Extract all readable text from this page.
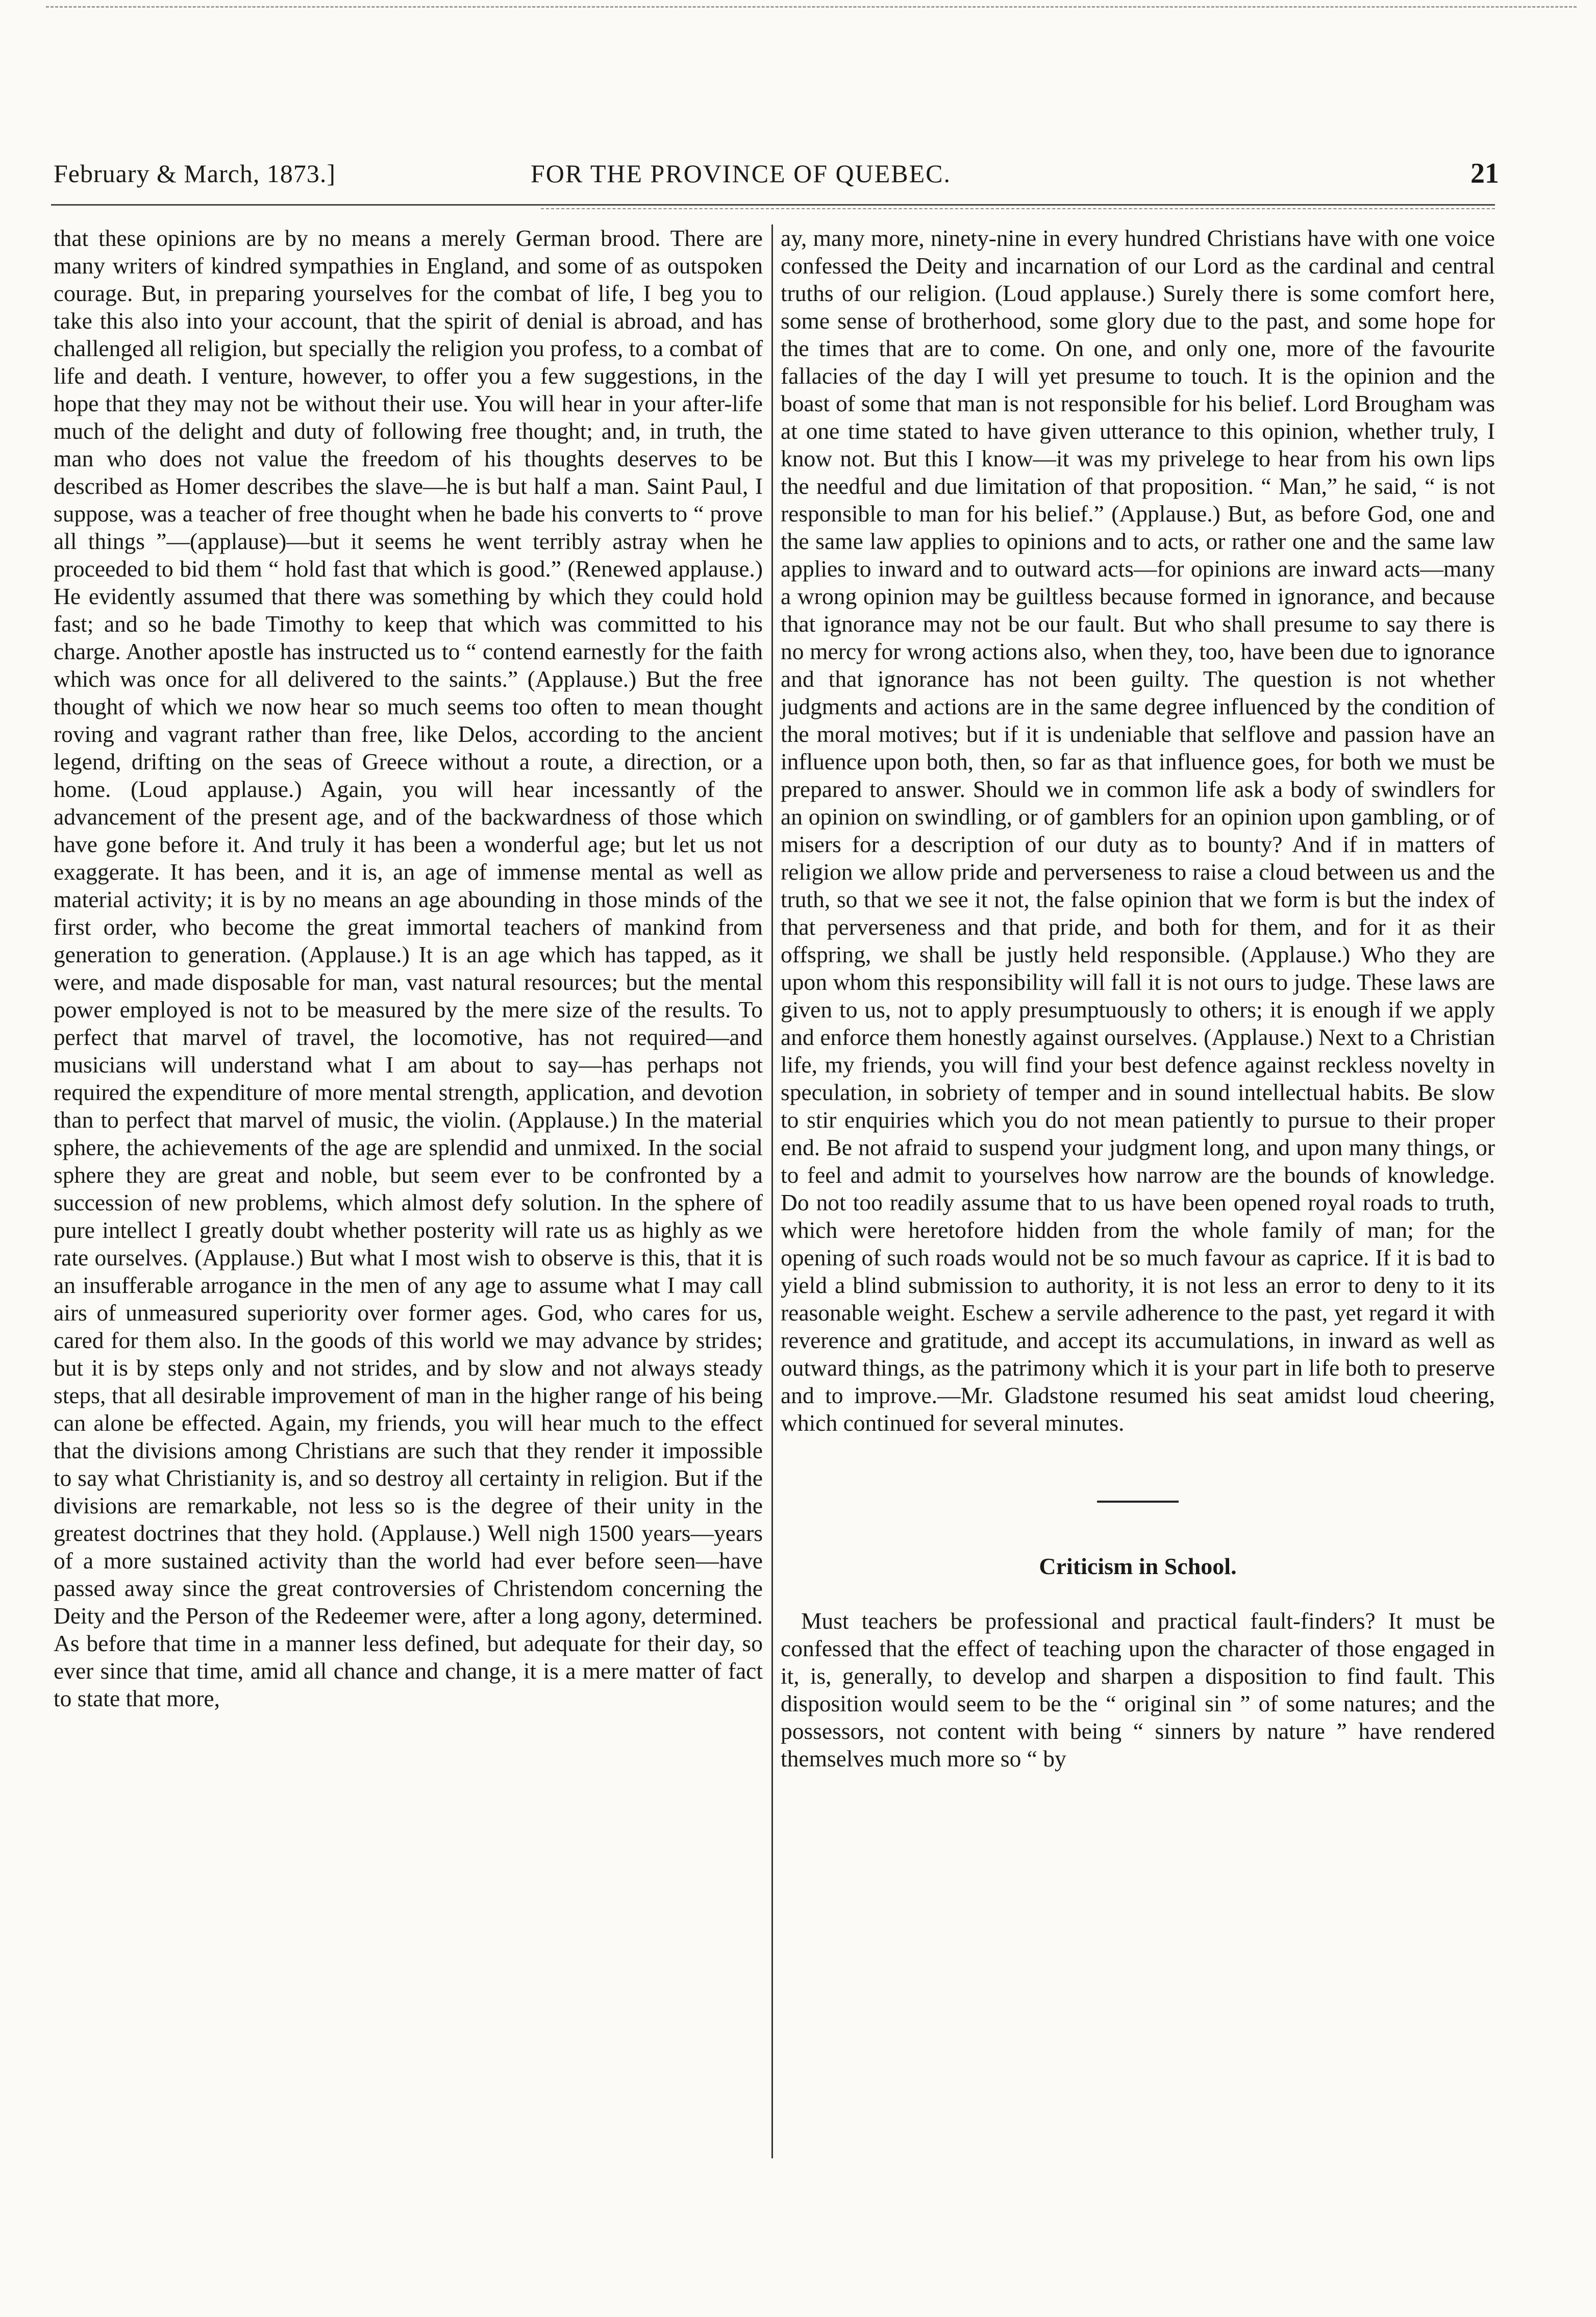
February & March, 1873.]	FOR THE PROVINCE OF QUEBEC.	21

that these opinions are by no means a merely German brood. There are many writers of kindred sympathies in England, and some of as outspoken courage. But, in preparing yourselves for the combat of life, I beg you to take this also into your account, that the spirit of denial is abroad, and has challenged all religion, but specially the religion you profess, to a combat of life and death. I venture, however, to offer you a few suggestions, in the hope that they may not be without their use. You will hear in your after-life much of the delight and duty of following free thought; and, in truth, the man who does not value the freedom of his thoughts deserves to be described as Homer describes the slave—he is but half a man. Saint Paul, I suppose, was a teacher of free thought when he bade his converts to “ prove all things ”—(applause)—but it seems he went terribly astray when he proceeded to bid them “ hold fast that which is good.” (Renewed applause.) He evidently assumed that there was something by which they could hold fast; and so he bade Timothy to keep that which was committed to his charge. Another apostle has instructed us to “ contend earnestly for the faith which was once for all delivered to the saints.” (Applause.) But the free thought of which we now hear so much seems too often to mean thought roving and vagrant rather than free, like Delos, according to the ancient legend, drifting on the seas of Greece without a route, a direction, or a home. (Loud applause.) Again, you will hear incessantly of the advancement of the present age, and of the backwardness of those which have gone before it. And truly it has been a wonderful age; but let us not exaggerate. It has been, and it is, an age of immense mental as well as material activity; it is by no means an age abounding in those minds of the first order, who become the great immortal teachers of mankind from generation to generation. (Applause.) It is an age which has tapped, as it were, and made disposable for man, vast natural resources; but the mental power employed is not to be measured by the mere size of the results. To perfect that marvel of travel, the locomotive, has not required—and musicians will understand what I am about to say—has perhaps not required the expenditure of more mental strength, application, and devotion than to perfect that marvel of music, the violin. (Applause.) In the material sphere, the achievements of the age are splendid and unmixed. In the social sphere they are great and noble, but seem ever to be confronted by a succession of new problems, which almost defy solution. In the sphere of pure intellect I greatly doubt whether posterity will rate us as highly as we rate ourselves. (Applause.) But what I most wish to observe is this, that it is an insufferable arrogance in the men of any age to assume what I may call airs of unmeasured superiority over former ages. God, who cares for us, cared for them also. In the goods of this world we may advance by strides; but it is by steps only and not strides, and by slow and not always steady steps, that all desirable improvement of man in the higher range of his being can alone be effected. Again, my friends, you will hear much to the effect that the divisions among Christians are such that they render it impossible to say what Christianity is, and so destroy all certainty in religion. But if the divisions are remarkable, not less so is the degree of their unity in the greatest doctrines that they hold. (Applause.) Well nigh 1500 years—years of a more sustained activity than the world had ever before seen—have passed away since the great controversies of Christendom concerning the Deity and the Person of the Redeemer were, after a long agony, determined. As before that time in a manner less defined, but adequate for their day, so ever since that time, amid all chance and change, it is a mere matter of fact to state that more,

ay, many more, ninety-nine in every hundred Christians have with one voice confessed the Deity and incarnation of our Lord as the cardinal and central truths of our religion. (Loud applause.) Surely there is some comfort here, some sense of brotherhood, some glory due to the past, and some hope for the times that are to come. On one, and only one, more of the favourite fallacies of the day I will yet presume to touch. It is the opinion and the boast of some that man is not responsible for his belief. Lord Brougham was at one time stated to have given utterance to this opinion, whether truly, I know not. But this I know—it was my privelege to hear from his own lips the needful and due limitation of that proposition. “ Man,” he said, “ is not responsible to man for his belief.” (Applause.) But, as before God, one and the same law applies to opinions and to acts, or rather one and the same law applies to inward and to outward acts—for opinions are inward acts—many a wrong opinion may be guiltless because formed in ignorance, and because that ignorance may not be our fault. But who shall presume to say there is no mercy for wrong actions also, when they, too, have been due to ignorance and that ignorance has not been guilty. The question is not whether judgments and actions are in the same degree influenced by the condition of the moral motives; but if it is undeniable that selflove and passion have an influence upon both, then, so far as that influence goes, for both we must be prepared to answer. Should we in common life ask a body of swindlers for an opinion on swindling, or of gamblers for an opinion upon gambling, or of misers for a description of our duty as to bounty? And if in matters of religion we allow pride and perverseness to raise a cloud between us and the truth, so that we see it not, the false opinion that we form is but the index of that perverseness and that pride, and both for them, and for it as their offspring, we shall be justly held responsible. (Applause.) Who they are upon whom this responsibility will fall it is not ours to judge. These laws are given to us, not to apply presumptuously to others; it is enough if we apply and enforce them honestly against ourselves. (Applause.) Next to a Christian life, my friends, you will find your best defence against reckless novelty in speculation, in sobriety of temper and in sound intellectual habits. Be slow to stir enquiries which you do not mean patiently to pursue to their proper end. Be not afraid to suspend your judgment long, and upon many things, or to feel and admit to yourselves how narrow are the bounds of knowledge. Do not too readily assume that to us have been opened royal roads to truth, which were heretofore hidden from the whole family of man; for the opening of such roads would not be so much favour as caprice. If it is bad to yield a blind submission to authority, it is not less an error to deny to it its reasonable weight. Eschew a servile adherence to the past, yet regard it with reverence and gratitude, and accept its accumulations, in inward as well as outward things, as the patrimony which it is your part in life both to preserve and to improve.—Mr. Gladstone resumed his seat amidst loud cheering, which continued for several minutes.

Criticism in School.

Must teachers be professional and practical fault-finders? It must be confessed that the effect of teaching upon the character of those engaged in it, is, generally, to develop and sharpen a disposition to find fault. This disposition would seem to be the “ original sin ” of some natures; and the possessors, not content with being “ sinners by nature ” have rendered themselves much more so “ by
